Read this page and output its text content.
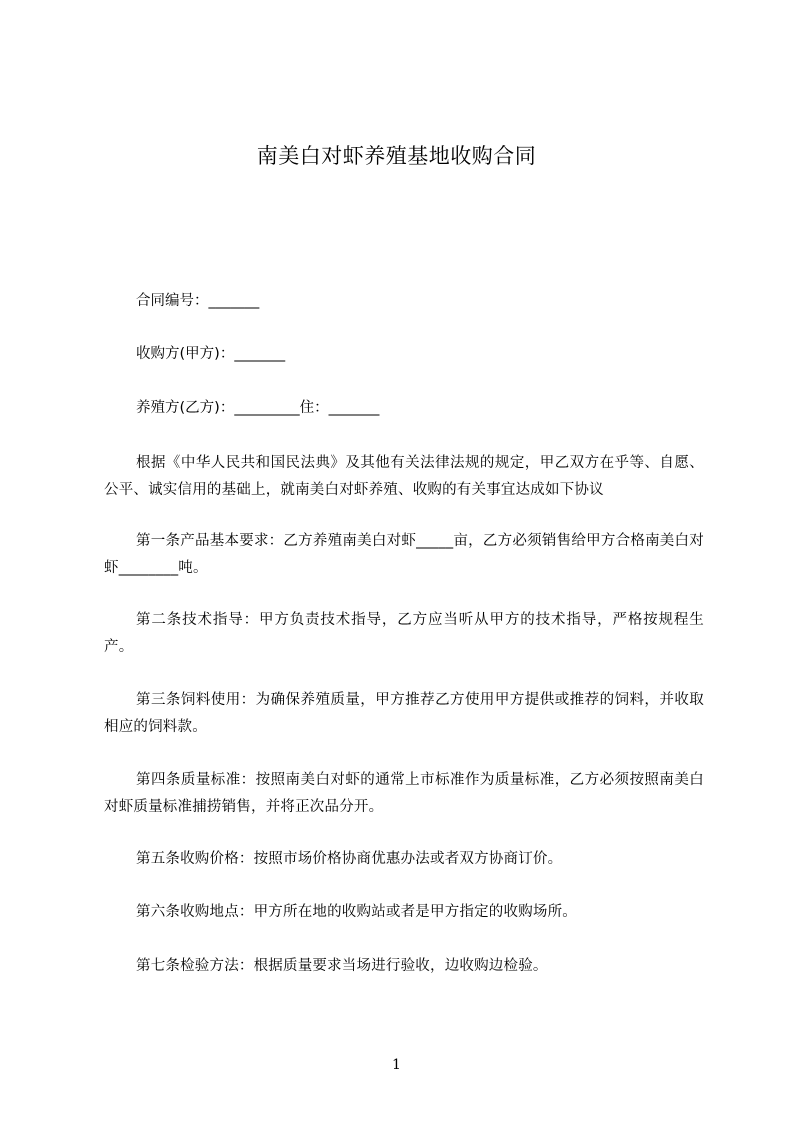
南美白对虾养殖基地收购合同
合同编号：_______
收购方(甲方)：_______
养殖方(乙方)：_________住：_______
根据《中华人民共和国民法典》及其他有关法律法规的规定，甲乙双方在乎等、自愿、公平、诚实信用的基础上，就南美白对虾养殖、收购的有关事宜达成如下协议
第一条产品基本要求：乙方养殖南美白对虾_____亩，乙方必须销售给甲方合格南美白对虾________吨。
第二条技术指导：甲方负责技术指导，乙方应当听从甲方的技术指导，严格按规程生产。
第三条饲料使用：为确保养殖质量，甲方推荐乙方使用甲方提供或推荐的饲料，并收取相应的饲料款。
第四条质量标准：按照南美白对虾的通常上市标准作为质量标准，乙方必须按照南美白对虾质量标准捕捞销售，并将正次品分开。
第五条收购价格：按照市场价格协商优惠办法或者双方协商订价。
第六条收购地点：甲方所在地的收购站或者是甲方指定的收购场所。
第七条检验方法：根据质量要求当场进行验收，边收购边检验。
1
